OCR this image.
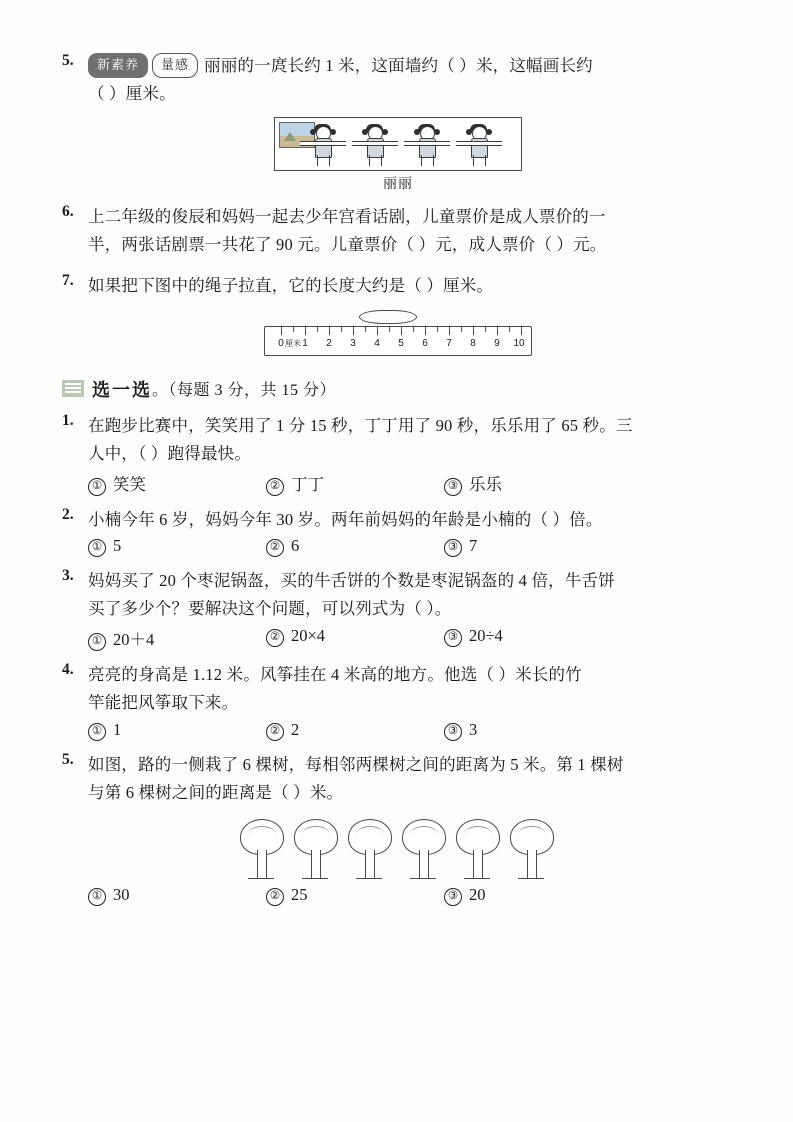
5.	新素养 量感 丽丽的一庹长约 1 米，这面墙约（ ）米，这幅画长约

（ ）厘米。

丽丽
6. 上二年级的俊辰和妈妈一起去少年宫看话剧，儿童票价是成人票价的一

半，两张话剧票一共花了 90 元。儿童票价（ ）元，成人票价（ ）元。

7. 如果把下图中的绳子拉直，它的长度大约是（ ）厘米。

0 1
厘米	2 3 4 5 6 7 8 9 10
选一选 。（每题 3 分，共 15 分）
1. 在跑步比赛中，笑笑用了 1 分 15 秒，丁丁用了 90 秒，乐乐用了 65 秒。三

人中，（ ）跑得最快。

① 笑笑	② 丁丁	③ 乐乐
2. 小楠今年 6 岁，妈妈今年 30 岁。两年前妈妈的年龄是小楠的（ ）倍。

① 5	② 6	③ 7
3. 妈妈买了 20 个枣泥锅盔，买的牛舌饼的个数是枣泥锅盔的 4 倍，牛舌饼

买了多少个？要解决这个问题，可以列式为（ ）。

① 20＋4	② 20×4	③ 20÷4
4. 亮亮的身高是 1.12 米。风筝挂在 4 米高的地方。他选（ ）米长的竹

竿能把风筝取下来。

① 1	② 2	③ 3
5. 如图，路的一侧栽了 6 棵树，每相邻两棵树之间的距离为 5 米。第 1 棵树

与第 6 棵树之间的距离是（ ）米。

① 30	② 25	③ 20
